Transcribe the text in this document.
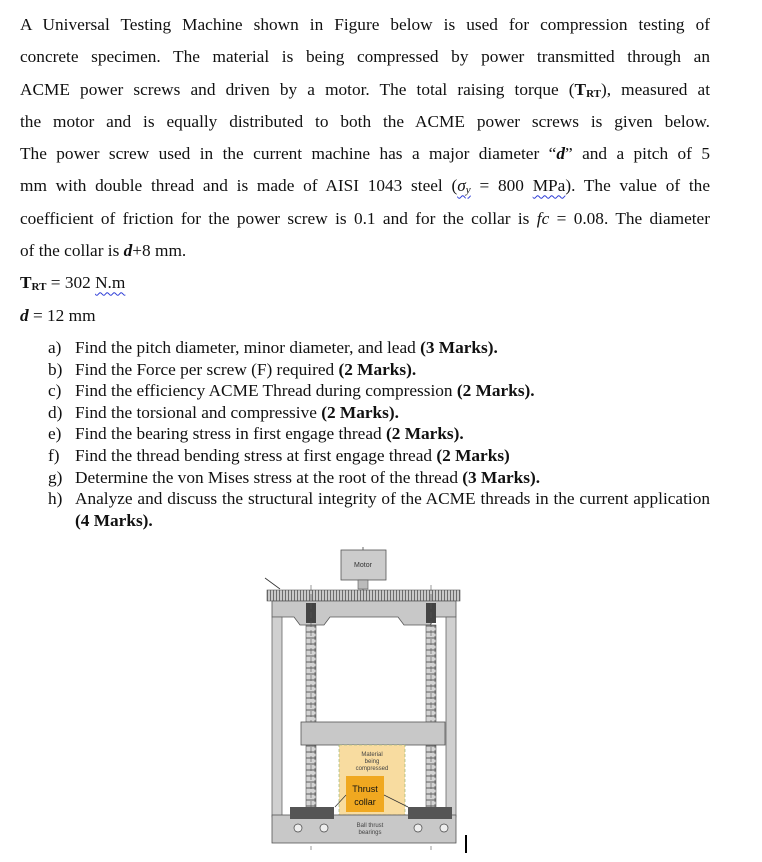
A Universal Testing Machine shown in Figure below is used for compression testing of
concrete specimen. The material is being compressed by power transmitted through an
ACME power screws and driven by a motor. The total raising torque (TRT), measured at
the motor and is equally distributed to both the ACME power screws is given below.
The power screw used in the current machine has a major diameter “d” and a pitch of 5
mm with double thread and is made of AISI 1043 steel (σy = 800 MPa). The value of the
coefficient of friction for the power screw is 0.1 and for the collar is fc = 0.08. The diameter
of the collar is d+8 mm.
TRT = 302 N.m
d = 12 mm
a) Find the pitch diameter, minor diameter, and lead (3 Marks).
b) Find the Force per screw (F) required (2 Marks).
c) Find the efficiency ACME Thread during compression (2 Marks).
d) Find the torsional and compressive (2 Marks).
e) Find the bearing stress in first engage thread (2 Marks).
f) Find the thread bending stress at first engage thread (2 Marks)
g) Determine the von Mises stress at the root of the thread (3 Marks).
h) Analyze and discuss the structural integrity of the ACME threads in the current application (4 Marks).
Motor
Material
being
compressed
Thrust
collar
Ball thrust
bearings
